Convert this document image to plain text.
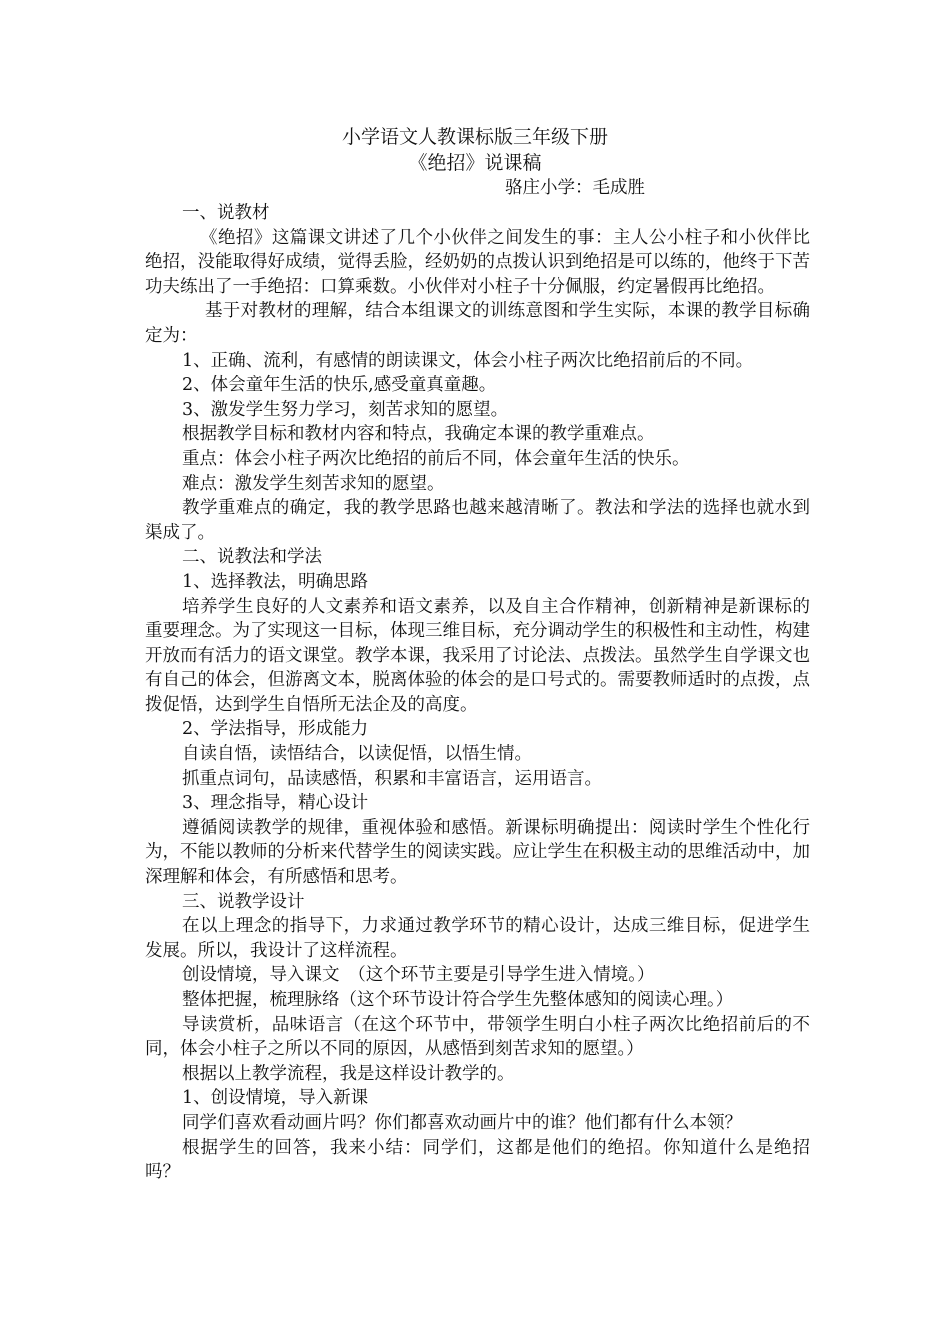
小学语文人教课标版三年级下册
《绝招》说课稿
骆庄小学：毛成胜

一、说教材

《绝招》这篇课文讲述了几个小伙伴之间发生的事：主人公小柱子和小伙伴比绝招，没能取得好成绩，觉得丢脸，经奶奶的点拨认识到绝招是可以练的，他终于下苦功夫练出了一手绝招：口算乘数。小伙伴对小柱子十分佩服，约定暑假再比绝招。

基于对教材的理解，结合本组课文的训练意图和学生实际，本课的教学目标确定为：

1、正确、流利，有感情的朗读课文，体会小柱子两次比绝招前后的不同。

2、体会童年生活的快乐,感受童真童趣。

3、激发学生努力学习，刻苦求知的愿望。

根据教学目标和教材内容和特点，我确定本课的教学重难点。

重点：体会小柱子两次比绝招的前后不同，体会童年生活的快乐。

难点：激发学生刻苦求知的愿望。

教学重难点的确定，我的教学思路也越来越清晰了。教法和学法的选择也就水到渠成了。

二、说教法和学法

1、选择教法，明确思路

培养学生良好的人文素养和语文素养，以及自主合作精神，创新精神是新课标的重要理念。为了实现这一目标，体现三维目标，充分调动学生的积极性和主动性，构建开放而有活力的语文课堂。教学本课，我采用了讨论法、点拨法。虽然学生自学课文也有自己的体会，但游离文本，脱离体验的体会的是口号式的。需要教师适时的点拨，点拨促悟，达到学生自悟所无法企及的高度。

2、学法指导，形成能力

自读自悟，读悟结合，以读促悟，以悟生情。

抓重点词句，品读感悟，积累和丰富语言，运用语言。

3、理念指导，精心设计

遵循阅读教学的规律，重视体验和感悟。新课标明确提出：阅读时学生个性化行为，不能以教师的分析来代替学生的阅读实践。应让学生在积极主动的思维活动中，加深理解和体会，有所感悟和思考。

三、说教学设计

在以上理念的指导下，力求通过教学环节的精心设计，达成三维目标，促进学生发展。所以，我设计了这样流程。

创设情境，导入课文　（这个环节主要是引导学生进入情境。）

整体把握，梳理脉络（这个环节设计符合学生先整体感知的阅读心理。）

导读赏析，品味语言（在这个环节中，带领学生明白小柱子两次比绝招前后的不同，体会小柱子之所以不同的原因，从感悟到刻苦求知的愿望。）

根据以上教学流程，我是这样设计教学的。

1、创设情境，导入新课

同学们喜欢看动画片吗？你们都喜欢动画片中的谁？他们都有什么本领？

根据学生的回答，我来小结：同学们，这都是他们的绝招。你知道什么是绝招吗？
